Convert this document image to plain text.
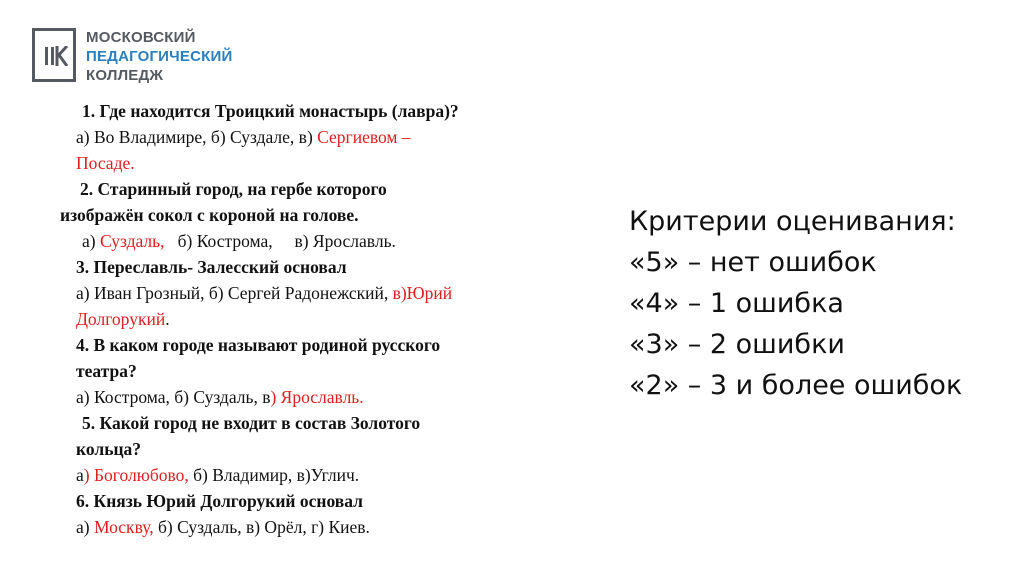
МОСКОВСКИЙ
ПЕДАГОГИЧЕСКИЙ
КОЛЛЕДЖ
1. Где находится Троицкий монастырь (лавра)?
а) Во Владимире, б) Суздале, в) Сергиевом –
Посаде.
2. Старинный город, на гербе которого
изображён сокол с короной на голове.
а) Суздаль,   б) Кострома,     в) Ярославль.
3. Переславль- Залесский основал
а) Иван Грозный, б) Сергей Радонежский, в)Юрий
Долгорукий.
4. В каком городе называют родиной русского
театра?
а) Кострома, б) Суздаль, в) Ярославль.
5. Какой город не входит в состав Золотого
кольца?
а) Боголюбово, б) Владимир, в)Углич.
6. Князь Юрий Долгорукий основал
а) Москву, б) Суздаль, в) Орёл, г) Киев.
Критерии оценивания:
«5» – нет ошибок
«4» – 1 ошибка
«3» – 2 ошибки
«2» – 3 и более ошибок
